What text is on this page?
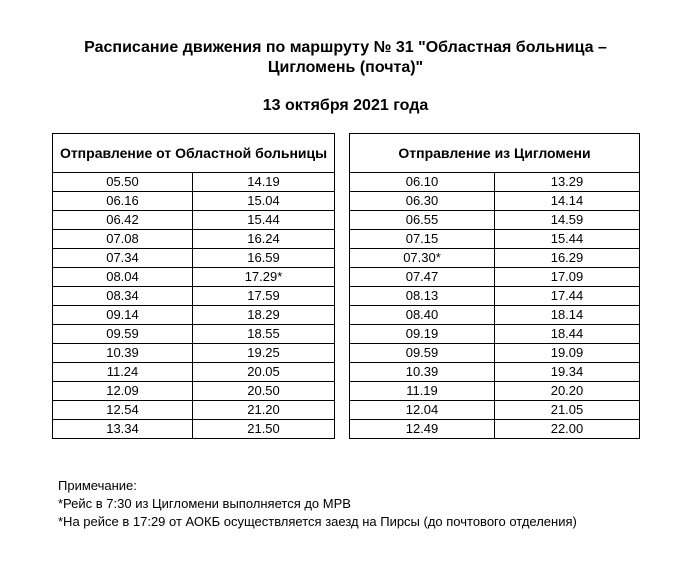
Расписание движения по маршруту № 31 "Областная больница –
Цигломень (почта)"
13 октября 2021 года
Отправление от Областной больницы	
05.50	14.19
06.16	15.04
06.42	15.44
07.08	16.24
07.34	16.59
08.04	17.29*
08.34	17.59
09.14	18.29
09.59	18.55
10.39	19.25
11.24	20.05
12.09	20.50
12.54	21.20
13.34	21.50
Отправление из Цигломени	
06.10	13.29
06.30	14.14
06.55	14.59
07.15	15.44
07.30*	16.29
07.47	17.09
08.13	17.44
08.40	18.14
09.19	18.44
09.59	19.09
10.39	19.34
11.19	20.20
12.04	21.05
12.49	22.00
Примечание:
*Рейс в 7:30 из Цигломени выполняется до МРВ
*На рейсе в 17:29 от АОКБ осуществляется заезд на Пирсы (до почтового отделения)
